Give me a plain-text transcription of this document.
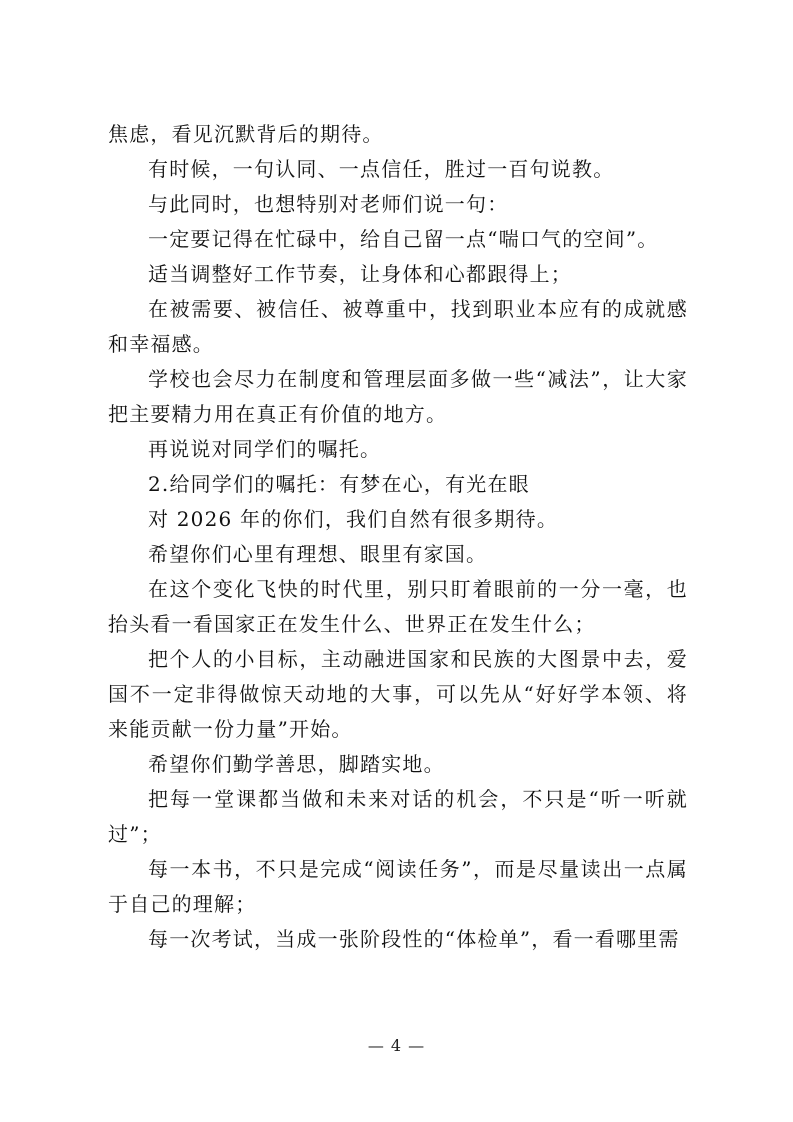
焦虑，看见沉默背后的期待。

有时候，一句认同、一点信任，胜过一百句说教。

与此同时，也想特别对老师们说一句：

一定要记得在忙碌中，给自己留一点“喘口气的空间”。

适当调整好工作节奏，让身体和心都跟得上；

在被需要、被信任、被尊重中，找到职业本应有的成就感和幸福感。

学校也会尽力在制度和管理层面多做一些“减法”，让大家把主要精力用在真正有价值的地方。

再说说对同学们的嘱托。

2.给同学们的嘱托：有梦在心，有光在眼

对 2026 年的你们，我们自然有很多期待。

希望你们心里有理想、眼里有家国。

在这个变化飞快的时代里，别只盯着眼前的一分一毫，也抬头看一看国家正在发生什么、世界正在发生什么；

把个人的小目标，主动融进国家和民族的大图景中去，爱国不一定非得做惊天动地的大事，可以先从“好好学本领、将来能贡献一份力量”开始。

希望你们勤学善思，脚踏实地。

把每一堂课都当做和未来对话的机会，不只是“听一听就过”；

每一本书，不只是完成“阅读任务”，而是尽量读出一点属于自己的理解；

每一次考试，当成一张阶段性的“体检单”，看一看哪里需

— 4 —
